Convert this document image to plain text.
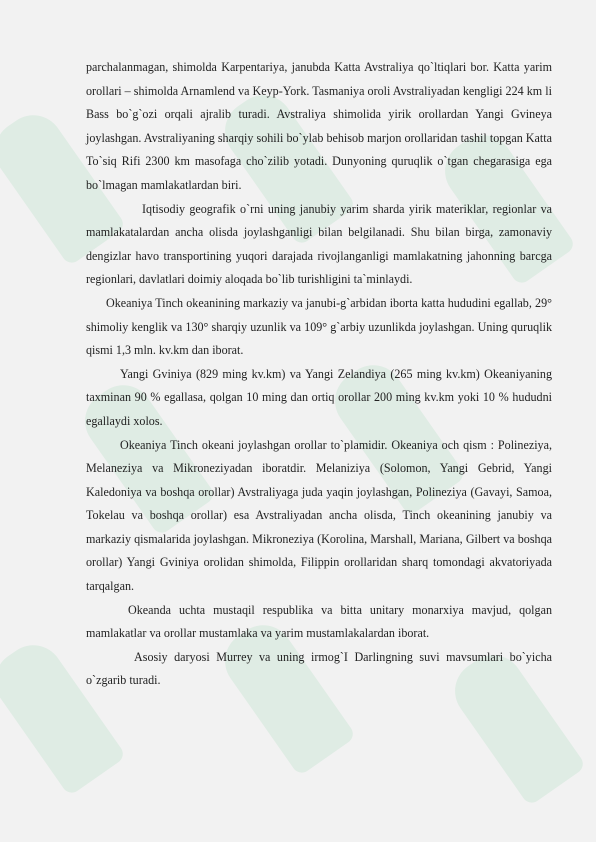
parchalanmagan, shimolda Karpentariya, janubda Katta Avstraliya qo`ltiqlari bor. Katta yarim orollari – shimolda Arnamlend va Keyp-York. Tasmaniya oroli Avstraliyadan kengligi 224 km li Bass bo`g`ozi orqali ajralib turadi. Avstraliya shimolida yirik orollardan Yangi Gvineya joylashgan. Avstraliyaning sharqiy sohili bo`ylab behisob marjon orollaridan tashil topgan Katta To`siq Rifi 2300 km masofaga cho`zilib yotadi. Dunyoning quruqlik o`tgan chegarasiga ega bo`lmagan mamlakatlardan biri.

Iqtisodiy geografik o`rni uning janubiy yarim sharda yirik materiklar, regionlar va mamlakatalardan ancha olisda joylashganligi bilan belgilanadi. Shu bilan birga, zamonaviy dengizlar havo transportining yuqori darajada rivojlanganligi mamlakatning jahonning barcga regionlari, davlatlari doimiy aloqada bo`lib turishligini ta`minlaydi.

Okeaniya Tinch okeanining markaziy va janubi-g`arbidan iborta katta hududini egallab, 29° shimoliy kenglik va 130° sharqiy uzunlik va 109° g`arbiy uzunlikda joylashgan. Uning quruqlik qismi 1,3 mln. kv.km dan iborat.

Yangi Gviniya (829 ming kv.km) va Yangi Zelandiya (265 ming kv.km) Okeaniyaning taxminan 90 % egallasa, qolgan 10 ming dan ortiq orollar 200 ming kv.km yoki 10 % hududni egallaydi xolos.

Okeaniya Tinch okeani joylashgan orollar to`plamidir. Okeaniya och qism : Polineziya, Melaneziya va Mikroneziyadan iboratdir. Melaniziya (Solomon, Yangi Gebrid, Yangi Kaledoniya va boshqa orollar) Avstraliyaga juda yaqin joylashgan, Polineziya (Gavayi, Samoa, Tokelau va boshqa orollar) esa Avstraliyadan ancha olisda, Tinch okeanining janubiy va markaziy qismalarida joylashgan. Mikroneziya (Korolina, Marshall, Mariana, Gilbert va boshqa orollar) Yangi Gviniya orolidan shimolda, Filippin orollaridan sharq tomondagi akvatoriyada tarqalgan.

Okeanda uchta mustaqil respublika va bitta unitary monarxiya mavjud, qolgan mamlakatlar va orollar mustamlaka va yarim mustamlakalardan iborat.

Asosiy daryosi Murrey va uning irmog`I Darlingning suvi mavsumlari bo`yicha o`zgarib turadi.
